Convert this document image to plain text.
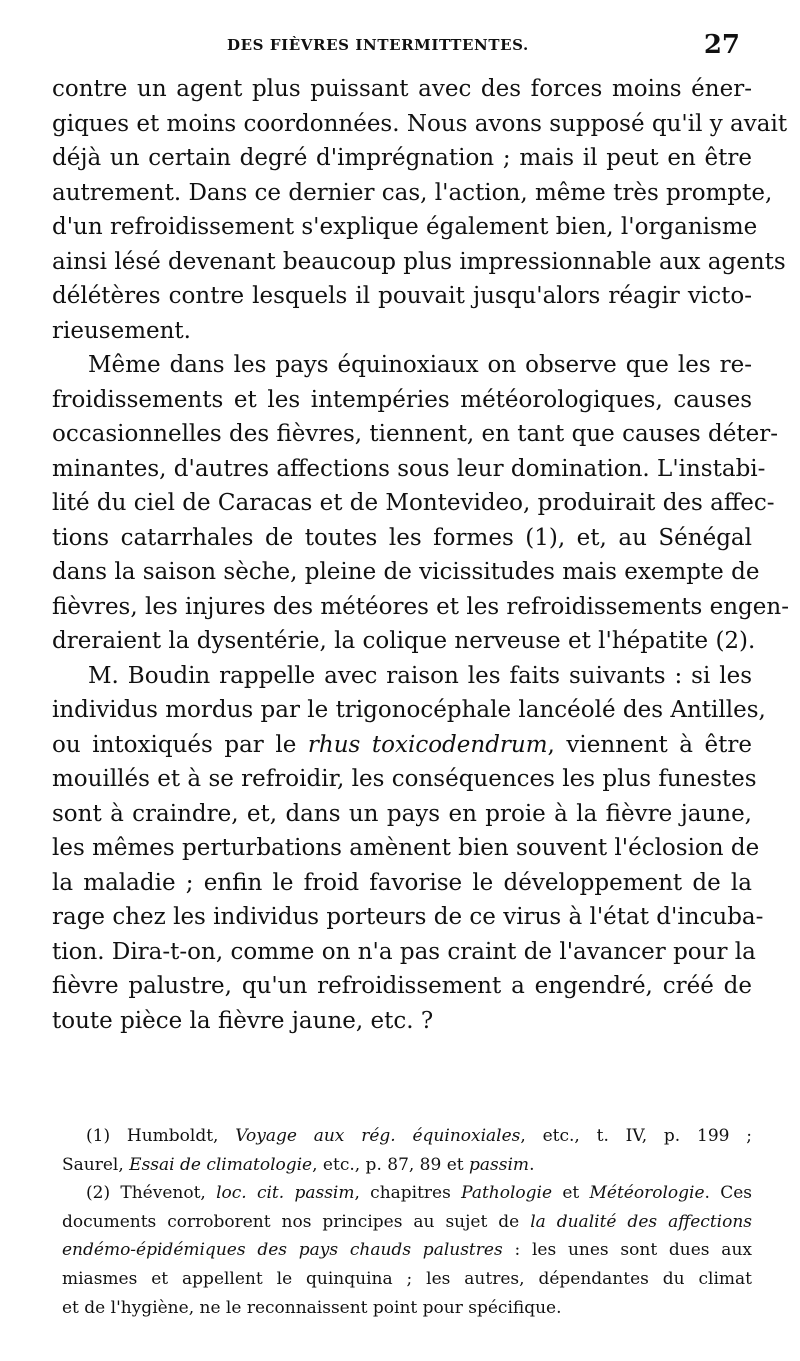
DES FIÈVRES INTERMITTENTES.	27
contre un agent plus puissant avec des forces moins éner-
giques et moins coordonnées. Nous avons supposé qu'il y avait
déjà un certain degré d'imprégnation ; mais il peut en être
autrement. Dans ce dernier cas, l'action, même très prompte,
d'un refroidissement s'explique également bien, l'organisme
ainsi lésé devenant beaucoup plus impressionnable aux agents
délétères contre lesquels il pouvait jusqu'alors réagir victo-
rieusement.
Même dans les pays équinoxiaux on observe que les re-
froidissements et les intempéries météorologiques, causes
occasionnelles des fièvres, tiennent, en tant que causes déter-
minantes, d'autres affections sous leur domination. L'instabi-
lité du ciel de Caracas et de Montevideo, produirait des affec-
tions catarrhales de toutes les formes (1), et, au Sénégal
dans la saison sèche, pleine de vicissitudes mais exempte de
fièvres, les injures des météores et les refroidissements engen-
dreraient la dysentérie, la colique nerveuse et l'hépatite (2).
M. Boudin rappelle avec raison les faits suivants : si les
individus mordus par le trigonocéphale lancéolé des Antilles,
ou intoxiqués par le rhus toxicodendrum, viennent à être
mouillés et à se refroidir, les conséquences les plus funestes
sont à craindre, et, dans un pays en proie à la fièvre jaune,
les mêmes perturbations amènent bien souvent l'éclosion de
la maladie ; enfin le froid favorise le développement de la
rage chez les individus porteurs de ce virus à l'état d'incuba-
tion. Dira-t-on, comme on n'a pas craint de l'avancer pour la
fièvre palustre, qu'un refroidissement a engendré, créé de
toute pièce la fièvre jaune, etc. ?
(1) Humboldt, Voyage aux rég. équinoxiales, etc., t. IV, p. 199 ;
Saurel, Essai de climatologie, etc., p. 87, 89 et passim.
(2) Thévenot, loc. cit. passim, chapitres Pathologie et Météorologie. Ces
documents corroborent nos principes au sujet de la dualité des affections
endémo-épidémiques des pays chauds palustres : les unes sont dues aux
miasmes et appellent le quinquina ; les autres, dépendantes du climat
et de l'hygiène, ne le reconnaissent point pour spécifique.
